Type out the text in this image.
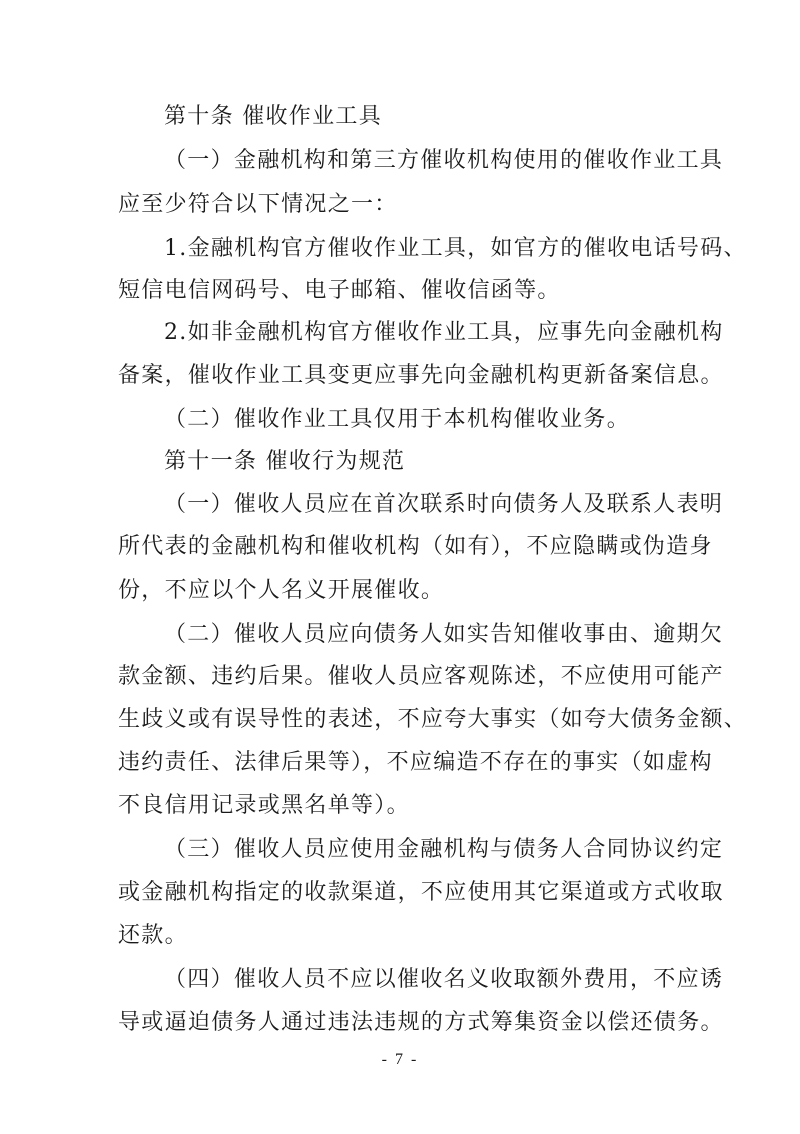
第十条 催收作业工具
（一）金融机构和第三方催收机构使用的催收作业工具
应至少符合以下情况之一：
1.金融机构官方催收作业工具，如官方的催收电话号码、
短信电信网码号、电子邮箱、催收信函等。
2.如非金融机构官方催收作业工具，应事先向金融机构
备案，催收作业工具变更应事先向金融机构更新备案信息。
（二）催收作业工具仅用于本机构催收业务。
第十一条 催收行为规范
（一）催收人员应在首次联系时向债务人及联系人表明
所代表的金融机构和催收机构（如有），不应隐瞒或伪造身
份，不应以个人名义开展催收。
（二）催收人员应向债务人如实告知催收事由、逾期欠
款金额、违约后果。催收人员应客观陈述，不应使用可能产
生歧义或有误导性的表述，不应夸大事实（如夸大债务金额、
违约责任、法律后果等），不应编造不存在的事实（如虚构
不良信用记录或黑名单等）。
（三）催收人员应使用金融机构与债务人合同协议约定
或金融机构指定的收款渠道，不应使用其它渠道或方式收取
还款。
（四）催收人员不应以催收名义收取额外费用，不应诱
导或逼迫债务人通过违法违规的方式筹集资金以偿还债务。
- 7 -
